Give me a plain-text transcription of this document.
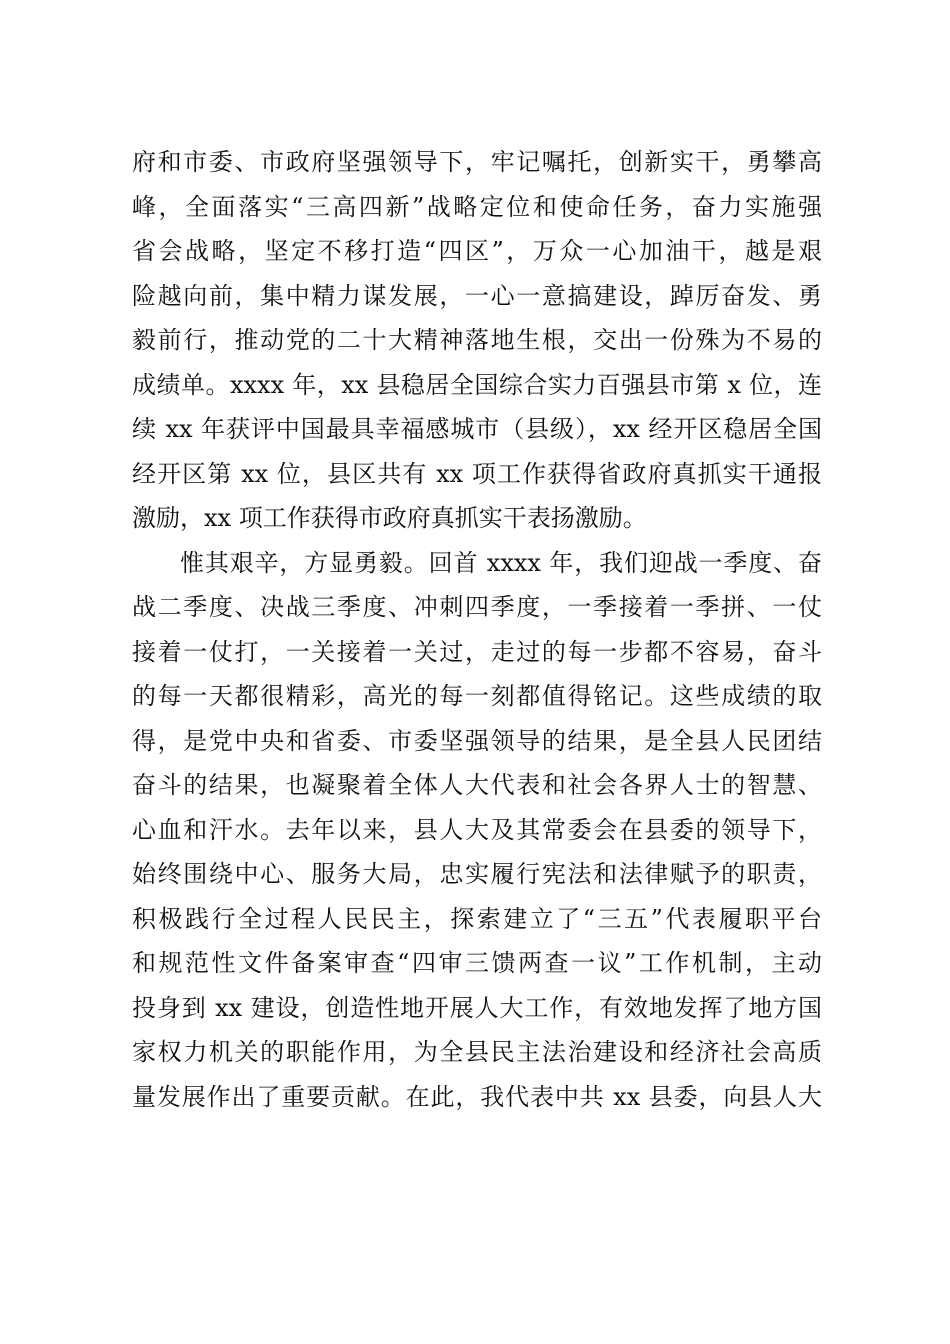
府和市委、市政府坚强领导下，牢记嘱托，创新实干，勇攀高
峰，全面落实“三高四新”战略定位和使命任务，奋力实施强
省会战略，坚定不移打造“四区”，万众一心加油干，越是艰
险越向前，集中精力谋发展，一心一意搞建设，踔厉奋发、勇
毅前行，推动党的二十大精神落地生根，交出一份殊为不易的
成绩单。xxxx 年，xx 县稳居全国综合实力百强县市第 x 位，连
续 xx 年获评中国最具幸福感城市（县级），xx 经开区稳居全国
经开区第 xx 位，县区共有 xx 项工作获得省政府真抓实干通报
激励，xx 项工作获得市政府真抓实干表扬激励。
惟其艰辛，方显勇毅。回首 xxxx 年，我们迎战一季度、奋
战二季度、决战三季度、冲刺四季度，一季接着一季拼、一仗
接着一仗打，一关接着一关过，走过的每一步都不容易，奋斗
的每一天都很精彩，高光的每一刻都值得铭记。这些成绩的取
得，是党中央和省委、市委坚强领导的结果，是全县人民团结
奋斗的结果，也凝聚着全体人大代表和社会各界人士的智慧、
心血和汗水。去年以来，县人大及其常委会在县委的领导下，
始终围绕中心、服务大局，忠实履行宪法和法律赋予的职责，
积极践行全过程人民民主，探索建立了“三五”代表履职平台
和规范性文件备案审查“四审三馈两查一议”工作机制，主动
投身到 xx 建设，创造性地开展人大工作，有效地发挥了地方国
家权力机关的职能作用，为全县民主法治建设和经济社会高质
量发展作出了重要贡献。在此，我代表中共 xx 县委，向县人大
